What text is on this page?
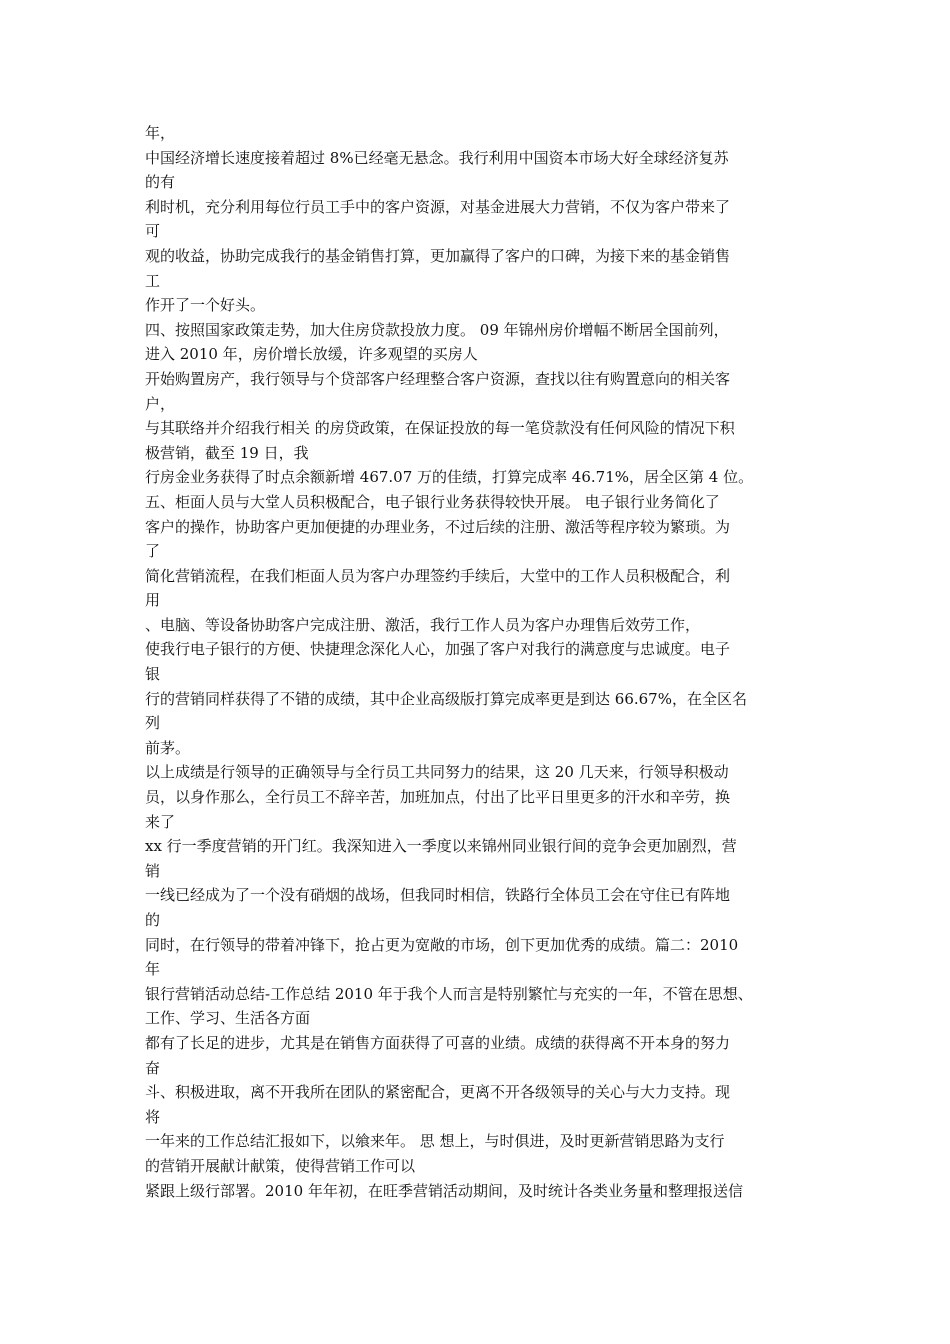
年，
中国经济增长速度接着超过 8%已经毫无悬念。我行利用中国资本市场大好全球经济复苏
的有
利时机，充分利用每位行员工手中的客户资源，对基金进展大力营销，不仅为客户带来了
可
观的收益，协助完成我行的基金销售打算，更加赢得了客户的口碑，为接下来的基金销售
工
作开了一个好头。
四、按照国家政策走势，加大住房贷款投放力度。 09 年锦州房价增幅不断居全国前列，
进入 2010 年，房价增长放缓，许多观望的买房人
开始购置房产，我行领导与个贷部客户经理整合客户资源，查找以往有购置意向的相关客
户，
与其联络并介绍我行相关 的房贷政策，在保证投放的每一笔贷款没有任何风险的情况下积
极营销，截至 19 日，我
行房金业务获得了时点余额新增 467.07 万的佳绩，打算完成率 46.71%，居全区第 4 位。
五、柜面人员与大堂人员积极配合，电子银行业务获得较快开展。 电子银行业务简化了
客户的操作，协助客户更加便捷的办理业务，不过后续的注册、激活等程序较为繁琐。为
了
简化营销流程，在我们柜面人员为客户办理签约手续后，大堂中的工作人员积极配合，利
用
、电脑、等设备协助客户完成注册、激活，我行工作人员为客户办理售后效劳工作，
使我行电子银行的方便、快捷理念深化人心，加强了客户对我行的满意度与忠诚度。电子
银
行的营销同样获得了不错的成绩，其中企业高级版打算完成率更是到达 66.67%，在全区名
列
前茅。
以上成绩是行领导的正确领导与全行员工共同努力的结果，这 20 几天来，行领导积极动
员，以身作那么，全行员工不辞辛苦，加班加点，付出了比平日里更多的汗水和辛劳，换
来了
xx 行一季度营销的开门红。我深知进入一季度以来锦州同业银行间的竞争会更加剧烈，营
销
一线已经成为了一个没有硝烟的战场，但我同时相信，铁路行全体员工会在守住已有阵地
的
同时，在行领导的带着冲锋下，抢占更为宽敞的市场，创下更加优秀的成绩。篇二：2010
年
银行营销活动总结-工作总结 2010 年于我个人而言是特别繁忙与充实的一年，不管在思想、
工作、学习、生活各方面
都有了长足的进步，尤其是在销售方面获得了可喜的业绩。成绩的获得离不开本身的努力
奋
斗、积极进取，离不开我所在团队的紧密配合，更离不开各级领导的关心与大力支持。现
将
一年来的工作总结汇报如下，以飨来年。 思 想上，与时俱进，及时更新营销思路为支行
的营销开展献计献策，使得营销工作可以
紧跟上级行部署。2010 年年初，在旺季营销活动期间，及时统计各类业务量和整理报送信
